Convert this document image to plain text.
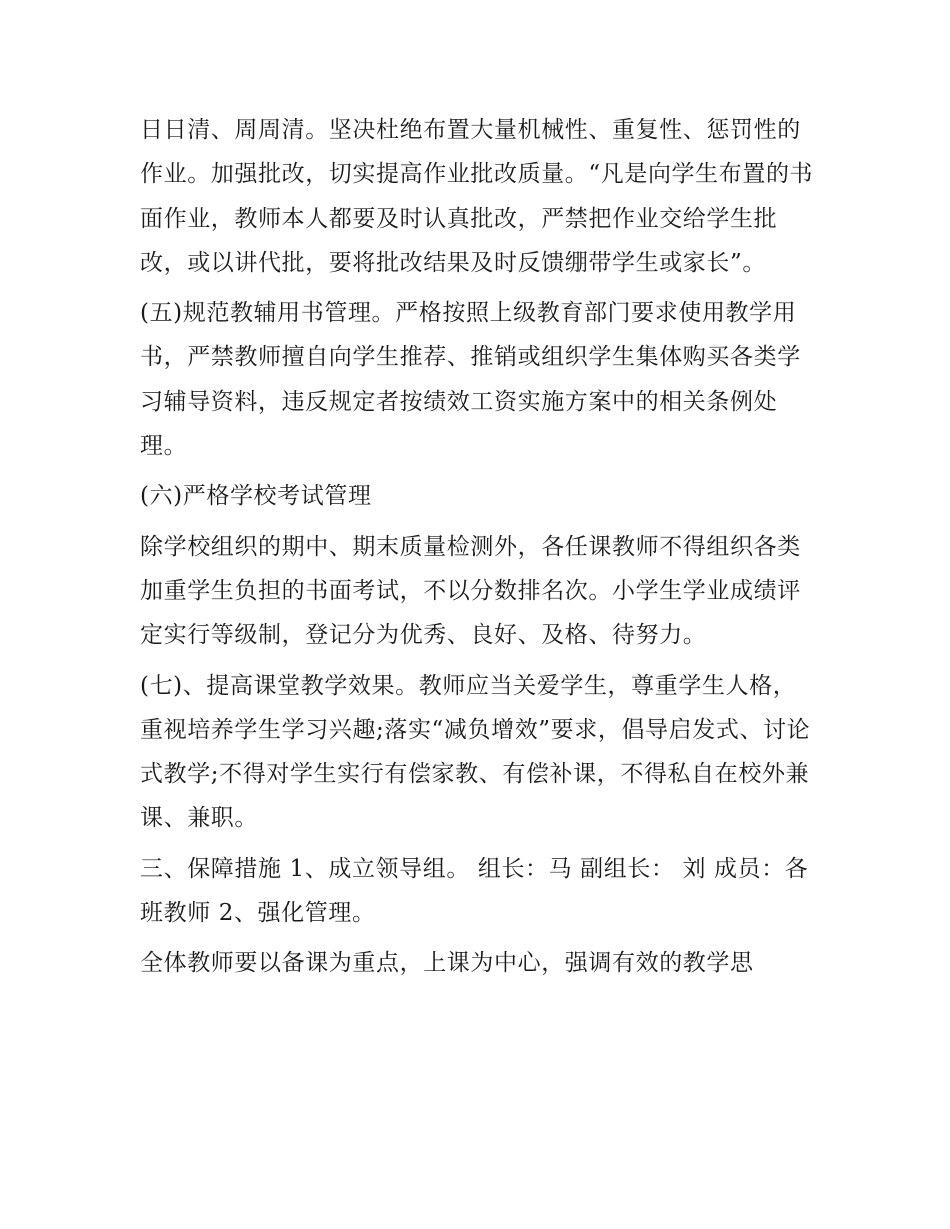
日日清、周周清。坚决杜绝布置大量机械性、重复性、惩罚性的作业。加强批改，切实提高作业批改质量。“凡是向学生布置的书面作业，教师本人都要及时认真批改，严禁把作业交给学生批改，或以讲代批，要将批改结果及时反馈绷带学生或家长”。

(五)规范教辅用书管理。严格按照上级教育部门要求使用教学用书，严禁教师擅自向学生推荐、推销或组织学生集体购买各类学习辅导资料，违反规定者按绩效工资实施方案中的相关条例处理。

(六)严格学校考试管理

除学校组织的期中、期末质量检测外，各任课教师不得组织各类加重学生负担的书面考试，不以分数排名次。小学生学业成绩评定实行等级制，登记分为优秀、良好、及格、待努力。

(七)、提高课堂教学效果。教师应当关爱学生，尊重学生人格，重视培养学生学习兴趣;落实“减负增效”要求，倡导启发式、讨论式教学;不得对学生实行有偿家教、有偿补课，不得私自在校外兼课、兼职。

三、保障措施 1、成立领导组。 组长：马 副组长： 刘 成员：各班教师 2、强化管理。

全体教师要以备课为重点，上课为中心，强调有效的教学思
